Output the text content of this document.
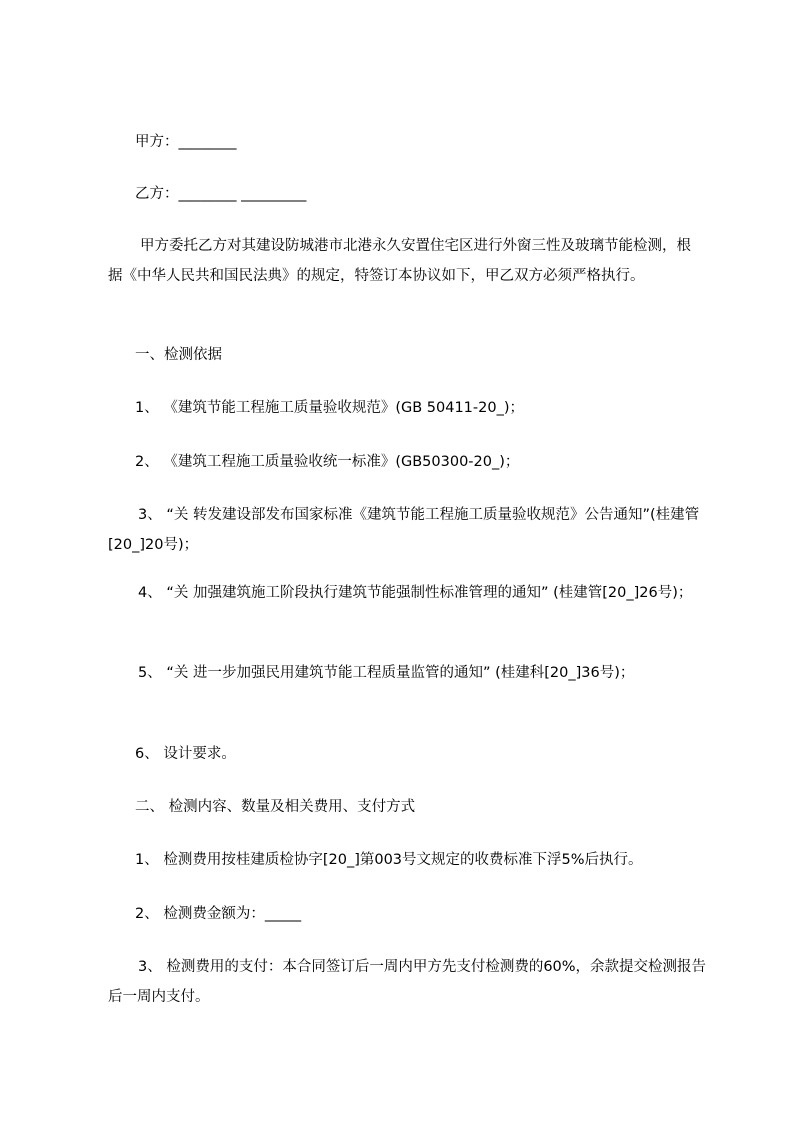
甲方：________
乙方：________ _________
甲方委托乙方对其建设防城港市北港永久安置住宅区进行外窗三性及玻璃节能检测，根据《中华人民共和国民法典》的规定，特签订本协议如下，甲乙双方必须严格执行。
一、检测依据
1、 《建筑节能工程施工质量验收规范》(GB 50411-20_)；
2、 《建筑工程施工质量验收统一标准》(GB50300-20_)；
3、 “关 转发建设部发布国家标准《建筑节能工程施工质量验收规范》公告通知”(桂建管[20_]20号)；
4、 “关 加强建筑施工阶段执行建筑节能强制性标准管理的通知” (桂建管[20_]26号)；
5、 “关 进一步加强民用建筑节能工程质量监管的通知” (桂建科[20_]36号)；
6、 设计要求。
二、 检测内容、数量及相关费用、支付方式
1、 检测费用按桂建质检协字[20_]第003号文规定的收费标准下浮5%后执行。
2、 检测费金额为：_____
3、 检测费用的支付：本合同签订后一周内甲方先支付检测费的60%，余款提交检测报告后一周内支付。
